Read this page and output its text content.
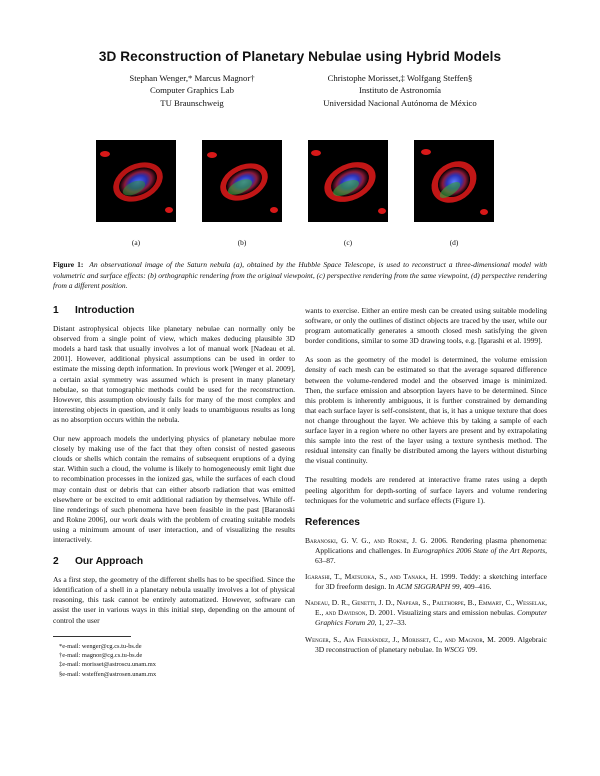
3D Reconstruction of Planetary Nebulae using Hybrid Models
Stephan Wenger,* Marcus Magnor†
Computer Graphics Lab
TU Braunschweig
Christophe Morisset,‡ Wolfgang Steffen§
Instituto de Astronomía
Universidad Nacional Autónoma de México
(a)	(b)	(c)	(d)
Figure 1: An observational image of the Saturn nebula (a), obtained by the Hubble Space Telescope, is used to reconstruct a three-dimensional model with volumetric and surface effects: (b) orthographic rendering from the original viewpoint, (c) perspective rendering from the same viewpoint, (d) perspective rendering from a different position.
1 Introduction

Distant astrophysical objects like planetary nebulae can normally only be observed from a single point of view, which makes deducing plausible 3D models a hard task that usually involves a lot of manual work [Nadeau et al. 2001]. However, additional physical assumptions can be used in order to estimate the missing depth information. In previous work [Wenger et al. 2009], a certain axial symmetry was assumed which is present in many planetary nebulae, so that tomographic methods could be used for the reconstruction. However, this assumption obviously fails for many of the most complex and interesting objects in question, and it only leads to unambiguous results as long as no absorption occurs within the nebula.

Our new approach models the underlying physics of planetary nebulae more closely by making use of the fact that they often consist of nested gaseous clouds or shells which contain the remains of subsequent eruptions of a dying star. Within such a cloud, the volume is likely to homogeneously emit light due to recombination processes in the ionized gas, while the surfaces of each cloud may contain dust or debris that can either absorb radiation that was emitted elsewhere or be excited to emit additional radiation by themselves. While off-line renderings of such phenomena have been feasible in the past [Baranoski and Rokne 2006], our work deals with the problem of creating suitable models using a minimum amount of user interaction, and of visualizing the results interactively.

2 Our Approach

As a first step, the geometry of the different shells has to be specified. Since the identification of a shell in a planetary nebula usually involves a lot of physical reasoning, this task cannot be entirely automatized. However, software can assist the user in various ways in this initial step, depending on the amount of control the user

*e-mail: wenger@cg.cs.tu-bs.de
†e-mail: magnor@cg.cs.tu-bs.de
‡e-mail: morisset@astroscu.unam.mx
§e-mail: wsteffen@astrosen.unam.mx

wants to exercise. Either an entire mesh can be created using suitable modeling software, or only the outlines of distinct objects are traced by the user, while our program automatically generates a smooth closed mesh satisfying the given border conditions, similar to some 3D drawing tools, e.g. [Igarashi et al. 1999].

As soon as the geometry of the model is determined, the volume emission density of each mesh can be estimated so that the average squared difference between the volume-rendered model and the observed image is minimized. Then, the surface emission and absorption layers have to be determined. Since this problem is inherently ambiguous, it is further constrained by demanding that each surface layer is self-consistent, that is, it has a unique texture that does not change throughout the layer. We achieve this by taking a sample of each surface layer in a region where no other layers are present and by extrapolating this sample into the rest of the layer using a texture synthesis method. The residual intensity can finally be distributed among the layers without disturbing the visual continuity.

The resulting models are rendered at interactive frame rates using a depth peeling algorithm for depth-sorting of surface layers and volume rendering techniques for the volumetric and surface effects (Figure 1).

References
Baranoski, G. V. G., and Rokne, J. G. 2006. Rendering plasma phenomena: Applications and challenges. In Eurographics 2006 State of the Art Reports, 63–87.
Igarashi, T., Matsuoka, S., and Tanaka, H. 1999. Teddy: a sketching interface for 3D freeform design. In ACM SIGGRAPH 99, 409–416.
Nadeau, D. R., Genetti, J. D., Napear, S., Pailthorpe, B., Emmart, C., Wesselak, E., and Davidson, D. 2001. Visualizing stars and emission nebulas. Computer Graphics Forum 20, 1, 27–33.
Wenger, S., Aja Fernández, J., Morisset, C., and Magnor, M. 2009. Algebraic 3D reconstruction of planetary nebulae. In WSCG '09.
